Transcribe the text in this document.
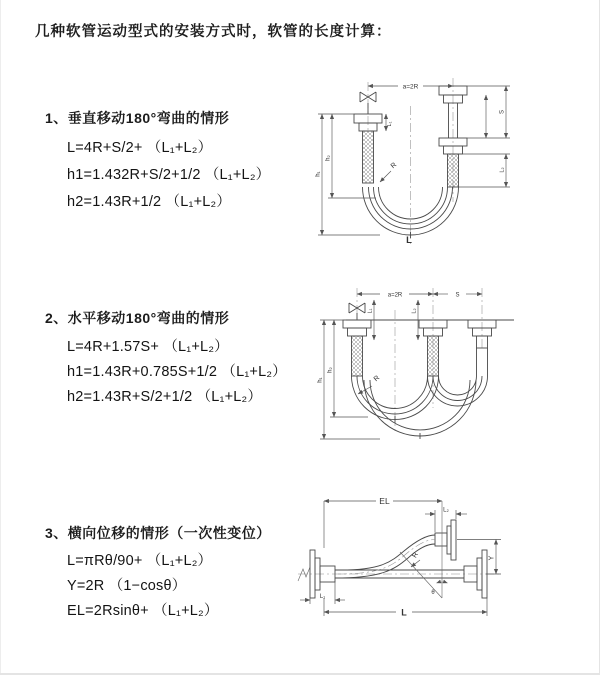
几种软管运动型式的安装方式时，软管的长度计算：
1、垂直移动180°弯曲的情形
L=4R+S/2+ （L₁+L₂）
h1=1.432R+S/2+1/2 （L₁+L₂）
h2=1.43R+1/2 （L₁+L₂）
a=2R
S
L₂
L₁
h₁
h₂
R
L
2、水平移动180°弯曲的情形
L=4R+1.57S+ （L₁+L₂）
h1=1.43R+0.785S+1/2 （L₁+L₂）
h2=1.43R+S/2+1/2 （L₁+L₂）
a=2R	S
h₁
h₂
L₁	L₂
R
3、横向位移的情形（一次性变位）
L=πRθ/90+ （L₁+L₂）
Y=2R （1−cosθ）
EL=2Rsinθ+ （L₁+L₂）
θ
R
EL
L₂
Y
L
L₁
